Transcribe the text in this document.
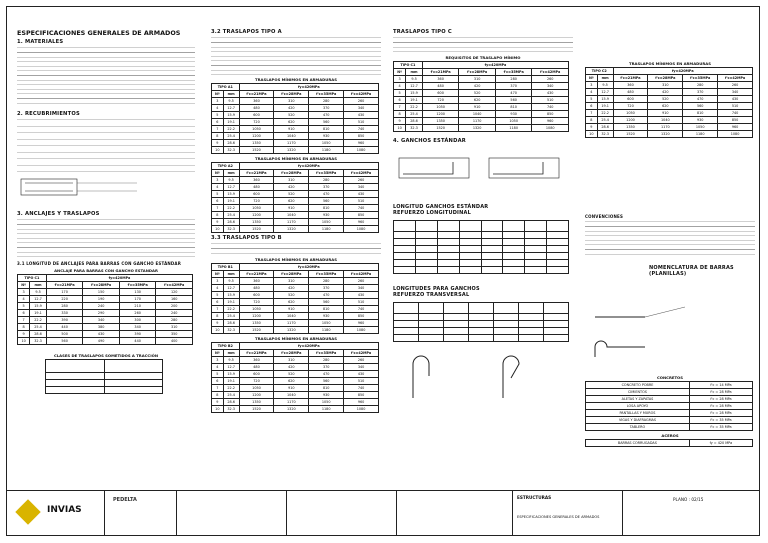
ESPECIFICACIONES GENERALES DE ARMADOS
1. MATERIALES
2. RECUBRIMIENTOS
3. ANCLAJES Y TRASLAPOS
3.1 LONGITUD DE ANCLAJES PARA BARRAS CON GANCHO ESTÁNDAR
ANCLAJE PARA BARRAS CON GANCHO ESTANDAR
TIPO C1		fy=420MPa			
Nº	mm	f'c=21MPa	f'c=28MPa	f'c=35MPa	f'c=42MPa
3	9.5	170	150	130	120
4	12.7	220	190	170	160
5	15.9	280	240	210	200
6	19.1	330	290	260	240
7	22.2	390	340	300	280
8	25.4	440	380	340	310
9	28.6	500	430	390	350
10	32.3	560	490	440	400
CLASES DE TRASLAPOS SOMETIDOS A TRACCIÓN

3.2 TRASLAPOS TIPO A
TRASLAPOS MÍNIMOS EN ARMADURAS
TIPO A1		fy=420MPa			
Nº	mm	f'c=21MPa	f'c=28MPa	f'c=35MPa	f'c=42MPa
3	9.5	360	310	280	260
4	12.7	480	420	370	340
5	15.9	600	520	470	430
6	19.1	720	620	560	510
7	22.2	1050	910	810	740
8	25.4	1200	1040	930	850
9	28.6	1350	1170	1050	960
10	32.3	1520	1320	1180	1080
TRASLAPOS MÍNIMOS EN ARMADURAS
TIPO A2		fy=420MPa			
Nº	mm	f'c=21MPa	f'c=28MPa	f'c=35MPa	f'c=42MPa
3	9.5	360	310	280	260
4	12.7	480	420	370	340
5	15.9	600	520	470	430
6	19.1	720	620	560	510
7	22.2	1050	910	810	740
8	25.4	1200	1040	930	850
9	28.6	1350	1170	1050	960
10	32.3	1520	1320	1180	1080
3.3 TRASLAPOS TIPO B
TRASLAPOS MÍNIMOS EN ARMADURAS
TIPO B1		fy=420MPa			
Nº	mm	f'c=21MPa	f'c=28MPa	f'c=35MPa	f'c=42MPa
3	9.5	360	310	280	260
4	12.7	480	420	370	340
5	15.9	600	520	470	430
6	19.1	720	620	560	510
7	22.2	1050	910	810	740
8	25.4	1200	1040	930	850
9	28.6	1350	1170	1050	960
10	32.3	1520	1320	1180	1080
TRASLAPOS MÍNIMOS EN ARMADURAS
TIPO B2		fy=420MPa			
Nº	mm	f'c=21MPa	f'c=28MPa	f'c=35MPa	f'c=42MPa
3	9.5	360	310	280	260
4	12.7	480	420	370	340
5	15.9	600	520	470	430
6	19.1	720	620	560	510
7	22.2	1050	910	810	740
8	25.4	1200	1040	930	850
9	28.6	1350	1170	1050	960
10	32.3	1520	1320	1180	1080
TRASLAPOS TIPO C
REQUISITOS DE TRASLAPO MÍNIMO
TIPO C1		fy=420MPa			
Nº	mm	f'c=21MPa	f'c=28MPa	f'c=35MPa	f'c=42MPa
3	9.5	360	310	280	260
4	12.7	480	420	370	340
5	15.9	600	520	470	430
6	19.1	720	620	560	510
7	22.2	1050	910	810	740
8	25.4	1200	1040	930	850
9	28.6	1350	1170	1050	960
10	32.3	1520	1320	1180	1080
4. GANCHOS ESTÁNDAR
LONGITUD GANCHOS ESTÁNDAR REFUERZO LONGITUDINAL

LONGITUDES PARA GANCHOS REFUERZO TRANSVERSAL

TRASLAPOS MÍNIMOS EN ARMADURAS
TIPO C2		fy=420MPa			
Nº	mm	f'c=21MPa	f'c=28MPa	f'c=35MPa	f'c=42MPa
3	9.5	360	310	280	260
4	12.7	480	420	370	340
5	15.9	600	520	470	430
6	19.1	720	620	560	510
7	22.2	1050	910	810	740
8	25.4	1200	1040	930	850
9	28.6	1350	1170	1050	960
10	32.3	1520	1320	1180	1080
CONVENCIONES
NOMENCLATURA DE BARRAS (PLANILLAS)
CONCRETOS
CONCRETO POBRE	f'c = 14 MPa
CIMIENTOS	f'c = 28 MPa
ALETAS Y ZAPATAS	f'c = 28 MPa
LOSA APOYO	f'c = 28 MPa
PANTALLAS Y MUROS	f'c = 28 MPa
VIGAS Y DIAFRAGMAS	f'c = 35 MPa
TABLERO	f'c = 35 MPa
ACEROS
BARRAS CORRUGADAS	fy = 420 MPa
INVIAS
PEDELTA	ESTRUCTURAS
ESPECIFICACIONES GENERALES DE ARMADOS
PLANO : 02/15
